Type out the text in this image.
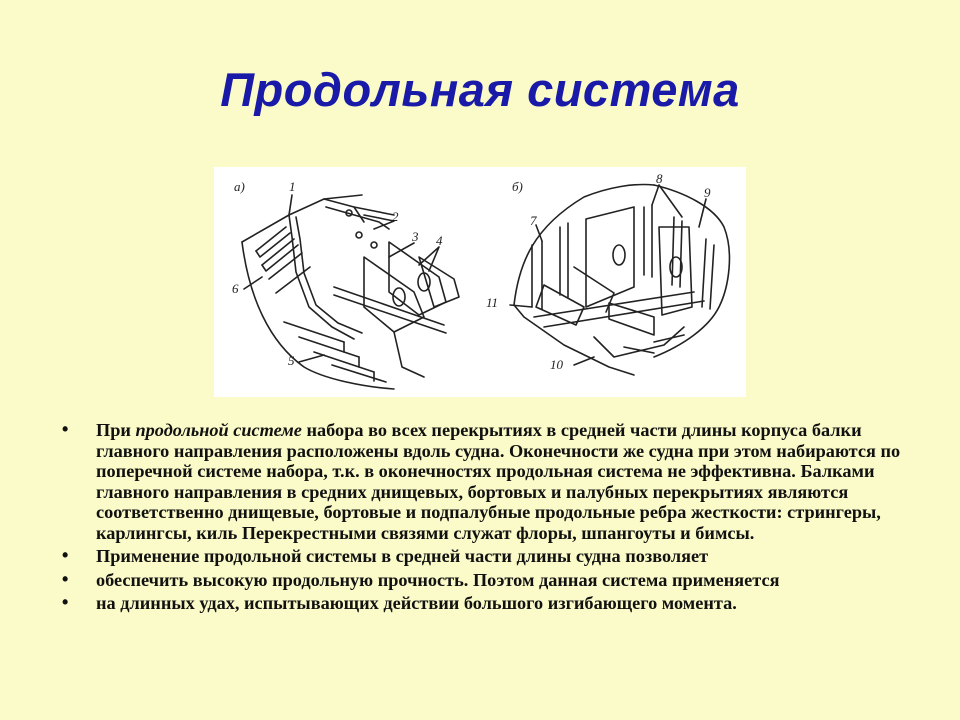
Продольная система
а)	б)
1
2
3 4
5
6
7
8
9
10
11
• При продольной системе набора во всех перекрытиях в средней части длины корпуса балки главного направления расположены вдоль судна. Оконечности же судна при этом набираются по поперечной системе набора, т.к. в оконечностях продольная система не эффективна. Балками главного направления в средних днищевых, бортовых и палубных перекрытиях являются соответственно днищевые, бортовые и подпалубные продольные ребра жесткости: стрингеры, карлингсы, киль Перекрестными связями служат флоры, шпангоуты и бимсы.
• Применение продольной системы в средней части длины судна позволяет
• обеспечить высокую продольную прочность. Поэтом данная система применяется
• на длинных удах, испытывающих действии большого изгибающего момента.
